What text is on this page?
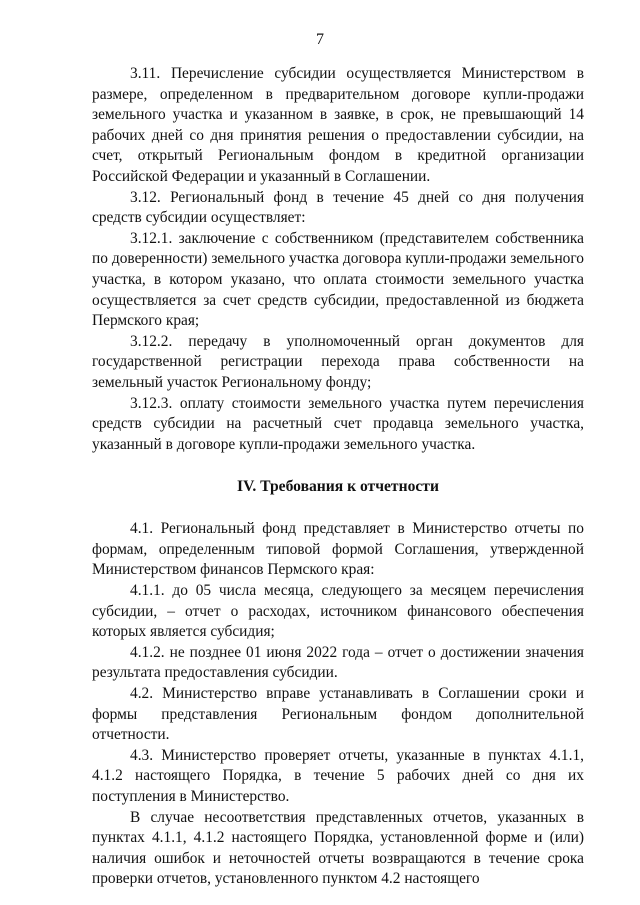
7

3.11. Перечисление субсидии осуществляется Министерством в размере, определенном в предварительном договоре купли-продажи земельного участка и указанном в заявке, в срок, не превышающий 14 рабочих дней со дня принятия решения о предоставлении субсидии, на счет, открытый Региональным фондом в кредитной организации Российской Федерации и указанный в Соглашении.

3.12. Региональный фонд в течение 45 дней со дня получения средств субсидии осуществляет:

3.12.1. заключение с собственником (представителем собственника по доверенности) земельного участка договора купли-продажи земельного участка, в котором указано, что оплата стоимости земельного участка осуществляется за счет средств субсидии, предоставленной из бюджета Пермского края;

3.12.2. передачу в уполномоченный орган документов для государственной регистрации перехода права собственности на земельный участок Региональному фонду;

3.12.3. оплату стоимости земельного участка путем перечисления средств субсидии на расчетный счет продавца земельного участка, указанный в договоре купли-продажи земельного участка.

IV. Требования к отчетности

4.1. Региональный фонд представляет в Министерство отчеты по формам, определенным типовой формой Соглашения, утвержденной Министерством финансов Пермского края:

4.1.1. до 05 числа месяца, следующего за месяцем перечисления субсидии, – отчет о расходах, источником финансового обеспечения которых является субсидия;

4.1.2. не позднее 01 июня 2022 года – отчет о достижении значения результата предоставления субсидии.

4.2. Министерство вправе устанавливать в Соглашении сроки и формы представления Региональным фондом дополнительной отчетности.

4.3. Министерство проверяет отчеты, указанные в пунктах 4.1.1, 4.1.2 настоящего Порядка, в течение 5 рабочих дней со дня их поступления в Министерство.

В случае несоответствия представленных отчетов, указанных в пунктах 4.1.1, 4.1.2 настоящего Порядка, установленной форме и (или) наличия ошибок и неточностей отчеты возвращаются в течение срока проверки отчетов, установленного пунктом 4.2 настоящего
